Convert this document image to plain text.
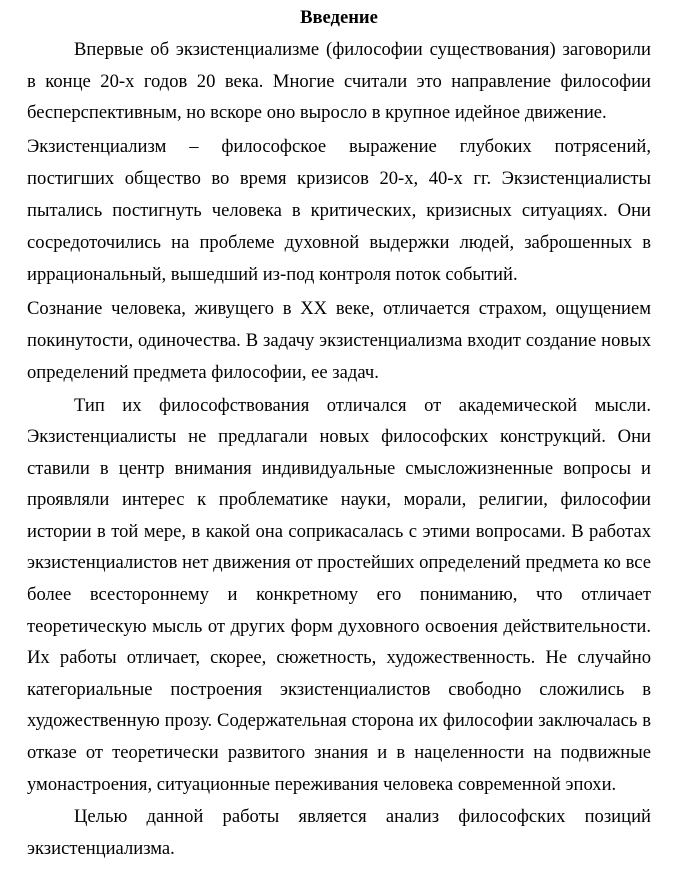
Введение

Впервые об экзистенциализме (философии существования) заговорили в конце 20-х годов 20 века. Многие считали это направление философии бесперспективным, но вскоре оно выросло в крупное идейное движение.

Экзистенциализм – философское выражение глубоких потрясений, постигших общество во время кризисов 20-х, 40-х гг. Экзистенциалисты пытались постигнуть человека в критических, кризисных ситуациях. Они сосредоточились на проблеме духовной выдержки людей, заброшенных в иррациональный, вышедший из-под контроля поток событий.

Сознание человека, живущего в XX веке, отличается страхом, ощущением покинутости, одиночества. В задачу экзистенциализма входит создание новых определений предмета философии, ее задач.

Тип их философствования отличался от академической мысли. Экзистенциалисты не предлагали новых философских конструкций. Они ставили в центр внимания индивидуальные смысложизненные вопросы и проявляли интерес к проблематике науки, морали, религии, философии истории в той мере, в какой она соприкасалась с этими вопросами. В работах экзистенциалистов нет движения от простейших определений предмета ко все более всестороннему и конкретному его пониманию, что отличает теоретическую мысль от других форм духовного освоения действительности. Их работы отличает, скорее, сюжетность, художественность. Не случайно категориальные построения экзистенциалистов свободно сложились в художественную прозу. Содержательная сторона их философии заключалась в отказе от теоретически развитого знания и в нацеленности на подвижные умонастроения, ситуационные переживания человека современной эпохи.

Целью данной работы является анализ философских позиций экзистенциализма.
